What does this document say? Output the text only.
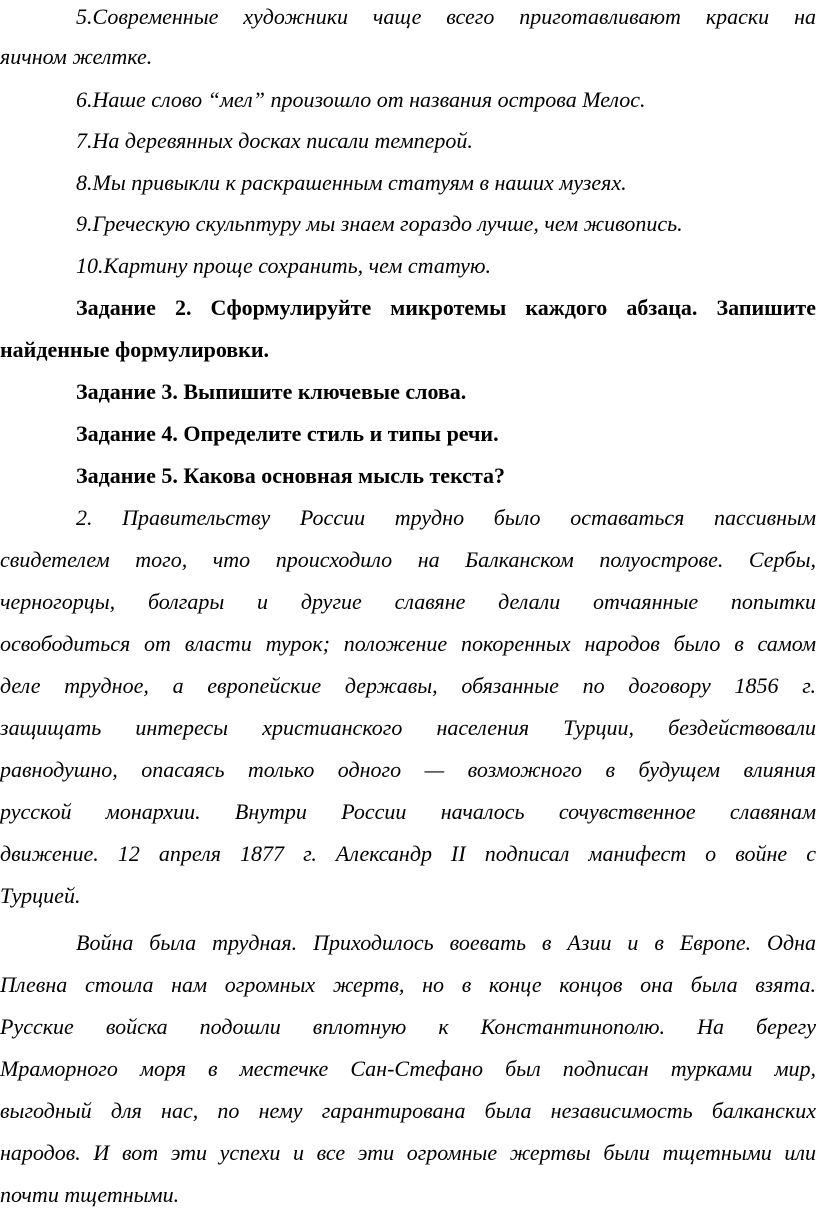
5.Современные художники чаще всего приготавливают краски на
яичном желтке.
6.Наше слово “мел” произошло от названия острова Мелос.
7.На деревянных досках писали темперой.
8.Мы привыкли к раскрашенным статуям в наших музеях.
9.Греческую скульптуру мы знаем гораздо лучше, чем живопись.
10.Картину проще сохранить, чем статую.
Задание 2. Сформулируйте микротемы каждого абзаца. Запишите
найденные формулировки.
Задание 3. Выпишите ключевые слова.
Задание 4. Определите стиль и типы речи.
Задание 5. Какова основная мысль текста?
2. Правительству России трудно было оставаться пассивным
свидетелем того, что происходило на Балканском полуострове. Сербы,
черногорцы, болгары и другие славяне делали отчаянные попытки
освободиться от власти турок; положение покоренных народов было в самом
деле трудное, а европейские державы, обязанные по договору 1856 г.
защищать интересы христианского населения Турции, бездействовали
равнодушно, опасаясь только одного — возможного в будущем влияния
русской монархии. Внутри России началось сочувственное славянам
движение. 12 апреля 1877 г. Александр II подписал манифест о войне с
Турцией.
Война была трудная. Приходилось воевать в Азии и в Европе. Одна
Плевна стоила нам огромных жертв, но в конце концов она была взята.
Русские войска подошли вплотную к Константинополю. На берегу
Мраморного моря в местечке Сан-Стефано был подписан турками мир,
выгодный для нас, по нему гарантирована была независимость балканских
народов. И вот эти успехи и все эти огромные жертвы были тщетными или
почти тщетными.
